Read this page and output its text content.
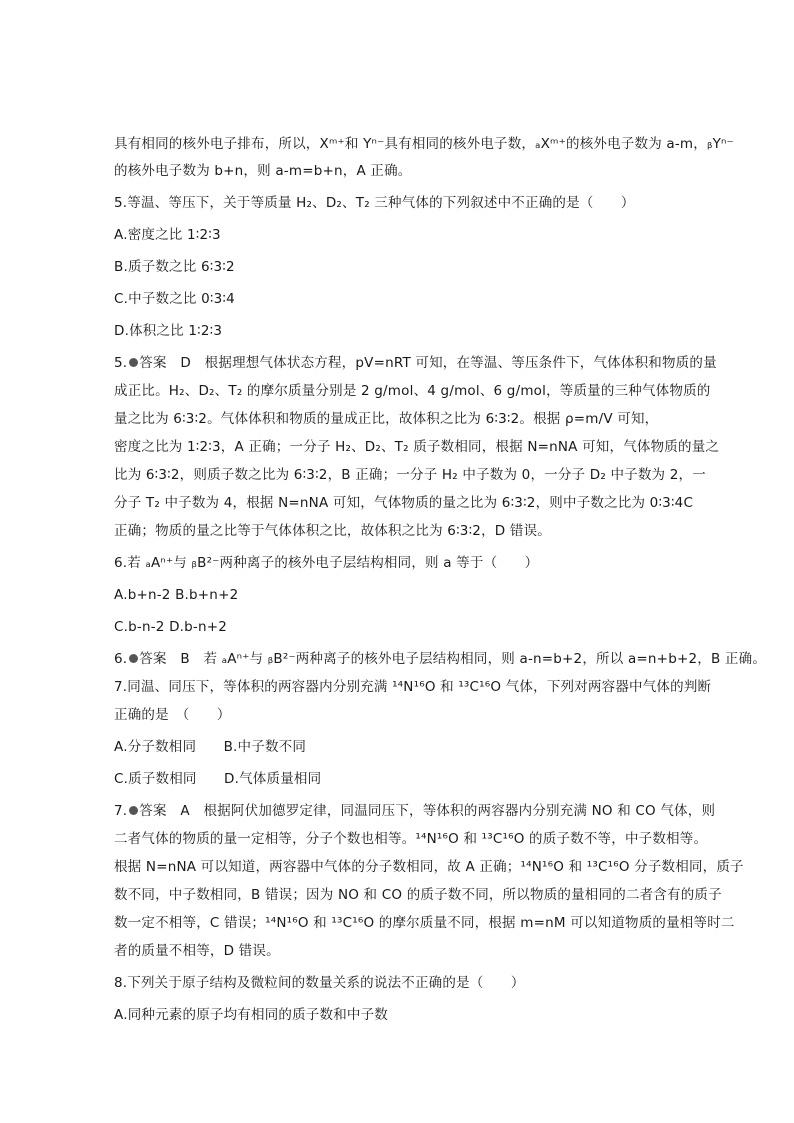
具有相同的核外电子排布，所以，Xᵐ⁺和 Yⁿ⁻具有相同的核外电子数，ₐXᵐ⁺的核外电子数为 a-m，ᵦYⁿ⁻
的核外电子数为 b+n，则 a-m=b+n，A 正确。
5.等温、等压下，关于等质量 H₂、D₂、T₂ 三种气体的下列叙述中不正确的是（　　）
A.密度之比 1∶2∶3
B.质子数之比 6∶3∶2
C.中子数之比 0∶3∶4
D.体积之比 1∶2∶3
5. 答案　D　根据理想气体状态方程，pV=nRT 可知，在等温、等压条件下，气体体积和物质的量
成正比。H₂、D₂、T₂ 的摩尔质量分别是 2 g/mol、4 g/mol、6 g/mol，等质量的三种气体物质的
量之比为 6∶3∶2。气体体积和物质的量成正比，故体积之比为 6∶3∶2。根据 ρ=m/V 可知，
密度之比为 1∶2∶3，A 正确；一分子 H₂、D₂、T₂ 质子数相同，根据 N=nNA 可知，气体物质的量之
比为 6∶3∶2，则质子数之比为 6∶3∶2，B 正确；一分子 H₂ 中子数为 0，一分子 D₂ 中子数为 2，一
分子 T₂ 中子数为 4，根据 N=nNA 可知，气体物质的量之比为 6∶3∶2，则中子数之比为 0∶3∶4C
正确；物质的量之比等于气体体积之比，故体积之比为 6∶3∶2，D 错误。
6.若 ₐAⁿ⁺与 ᵦB²⁻两种离子的核外电子层结构相同，则 a 等于（　　）
A.b+n-2 B.b+n+2
C.b-n-2 D.b-n+2
6. 答案　B　若 ₐAⁿ⁺与 ᵦB²⁻两种离子的核外电子层结构相同，则 a-n=b+2，所以 a=n+b+2，B 正确。
7.同温、同压下，等体积的两容器内分别充满 ¹⁴N¹⁶O 和 ¹³C¹⁶O 气体，下列对两容器中气体的判断
正确的是　（　　）
A.分子数相同　　B.中子数不同
C.质子数相同　　D.气体质量相同
7. 答案　A　根据阿伏加德罗定律，同温同压下，等体积的两容器内分别充满 NO 和 CO 气体，则
二者气体的物质的量一定相等，分子个数也相等。¹⁴N¹⁶O 和 ¹³C¹⁶O 的质子数不等，中子数相等。
根据 N=nNA 可以知道，两容器中气体的分子数相同，故 A 正确；¹⁴N¹⁶O 和 ¹³C¹⁶O 分子数相同，质子
数不同，中子数相同，B 错误；因为 NO 和 CO 的质子数不同，所以物质的量相同的二者含有的质子
数一定不相等，C 错误；¹⁴N¹⁶O 和 ¹³C¹⁶O 的摩尔质量不同，根据 m=nM 可以知道物质的量相等时二
者的质量不相等，D 错误。
8.下列关于原子结构及微粒间的数量关系的说法不正确的是（　　）
A.同种元素的原子均有相同的质子数和中子数
